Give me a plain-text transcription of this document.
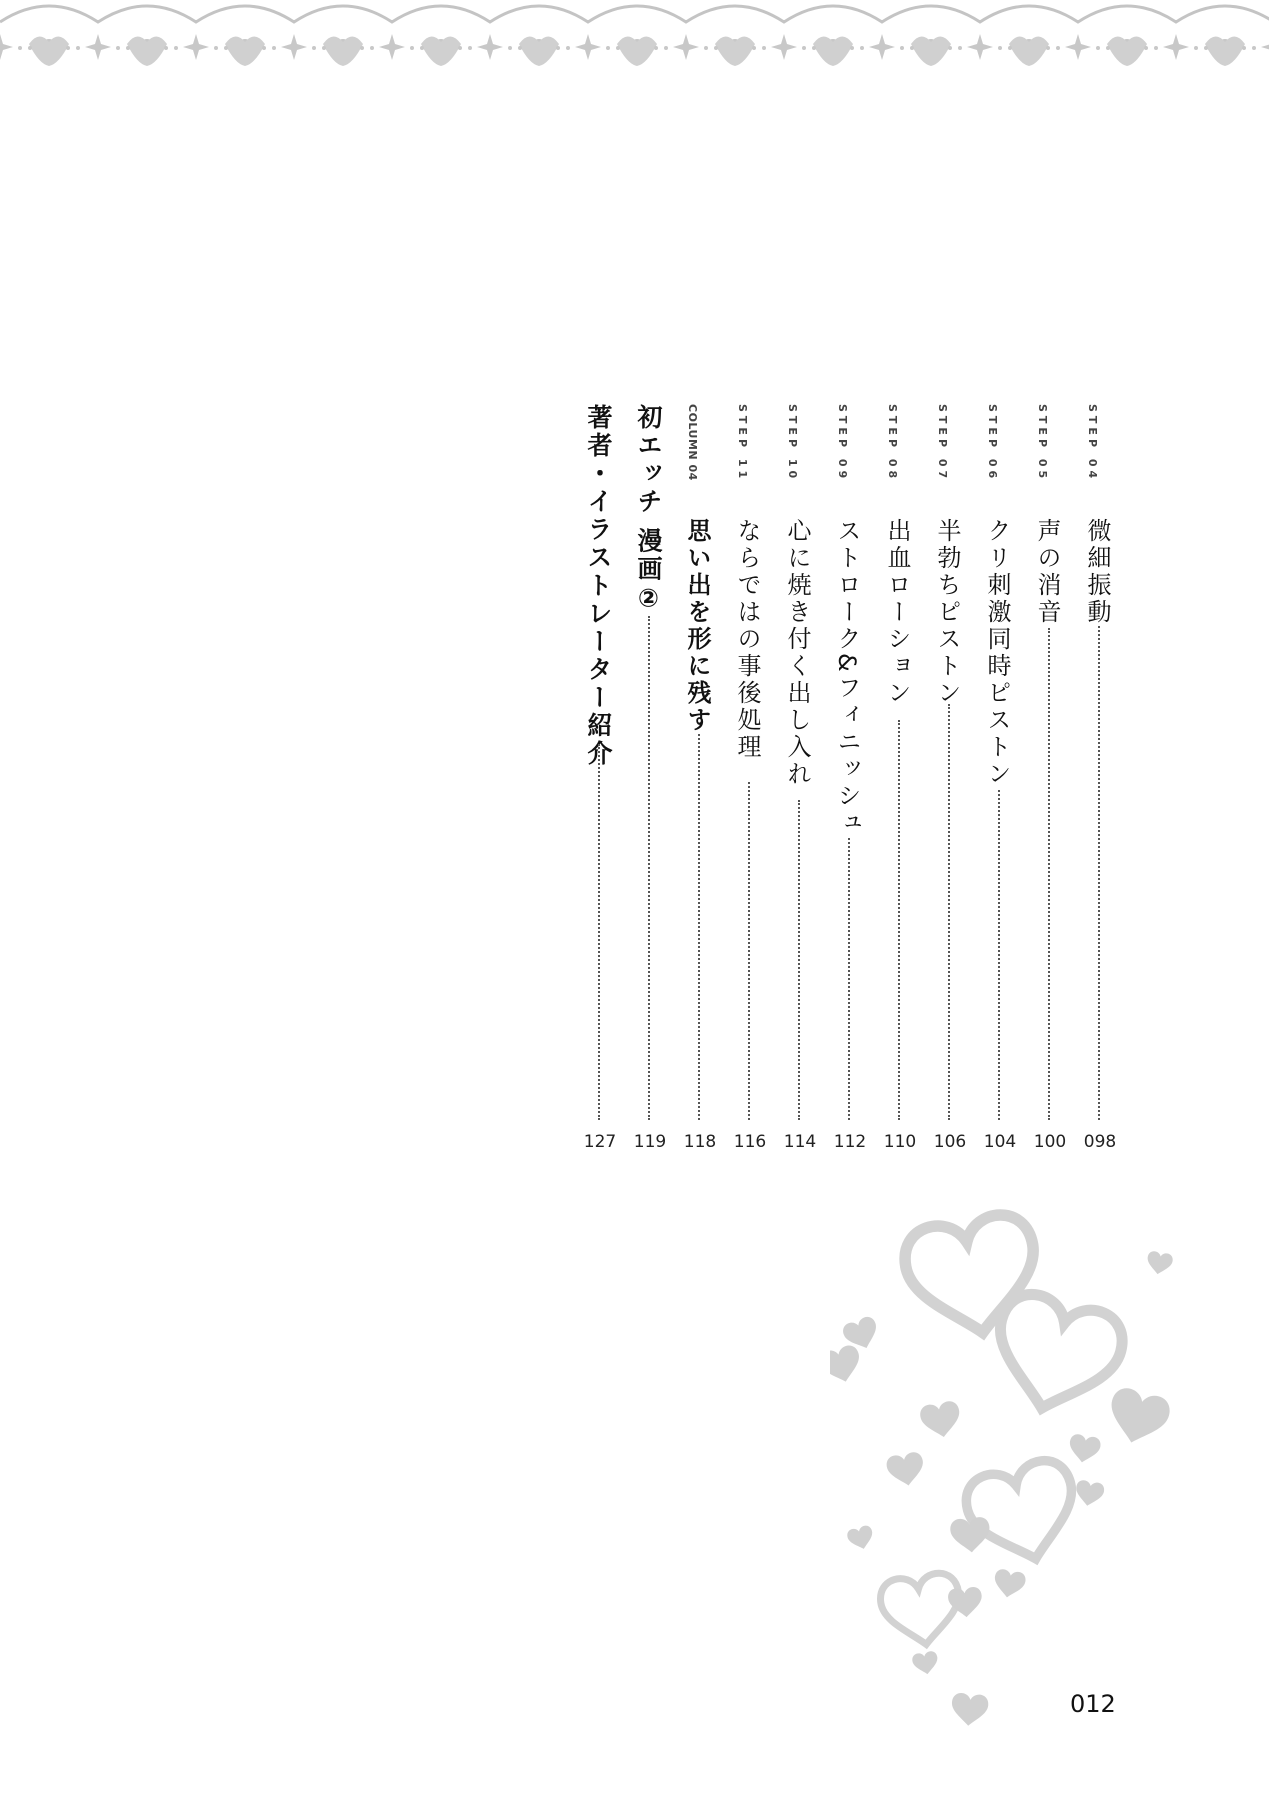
STEP 04
微細振動
098
STEP 05
声の消音
100
STEP 06
クリ刺激同時ピストン
104
STEP 07
半勃ちピストン
106
STEP 08
出血ローション
110
STEP 09
ストローク&フィニッシュ
112
STEP 10
心に焼き付く出し入れ
114
STEP 11
ならではの事後処理
116
COLUMN 04
思い出を形に残す
118
初エッチ 漫画②
119
著者・イラストレーター紹介
127
012
